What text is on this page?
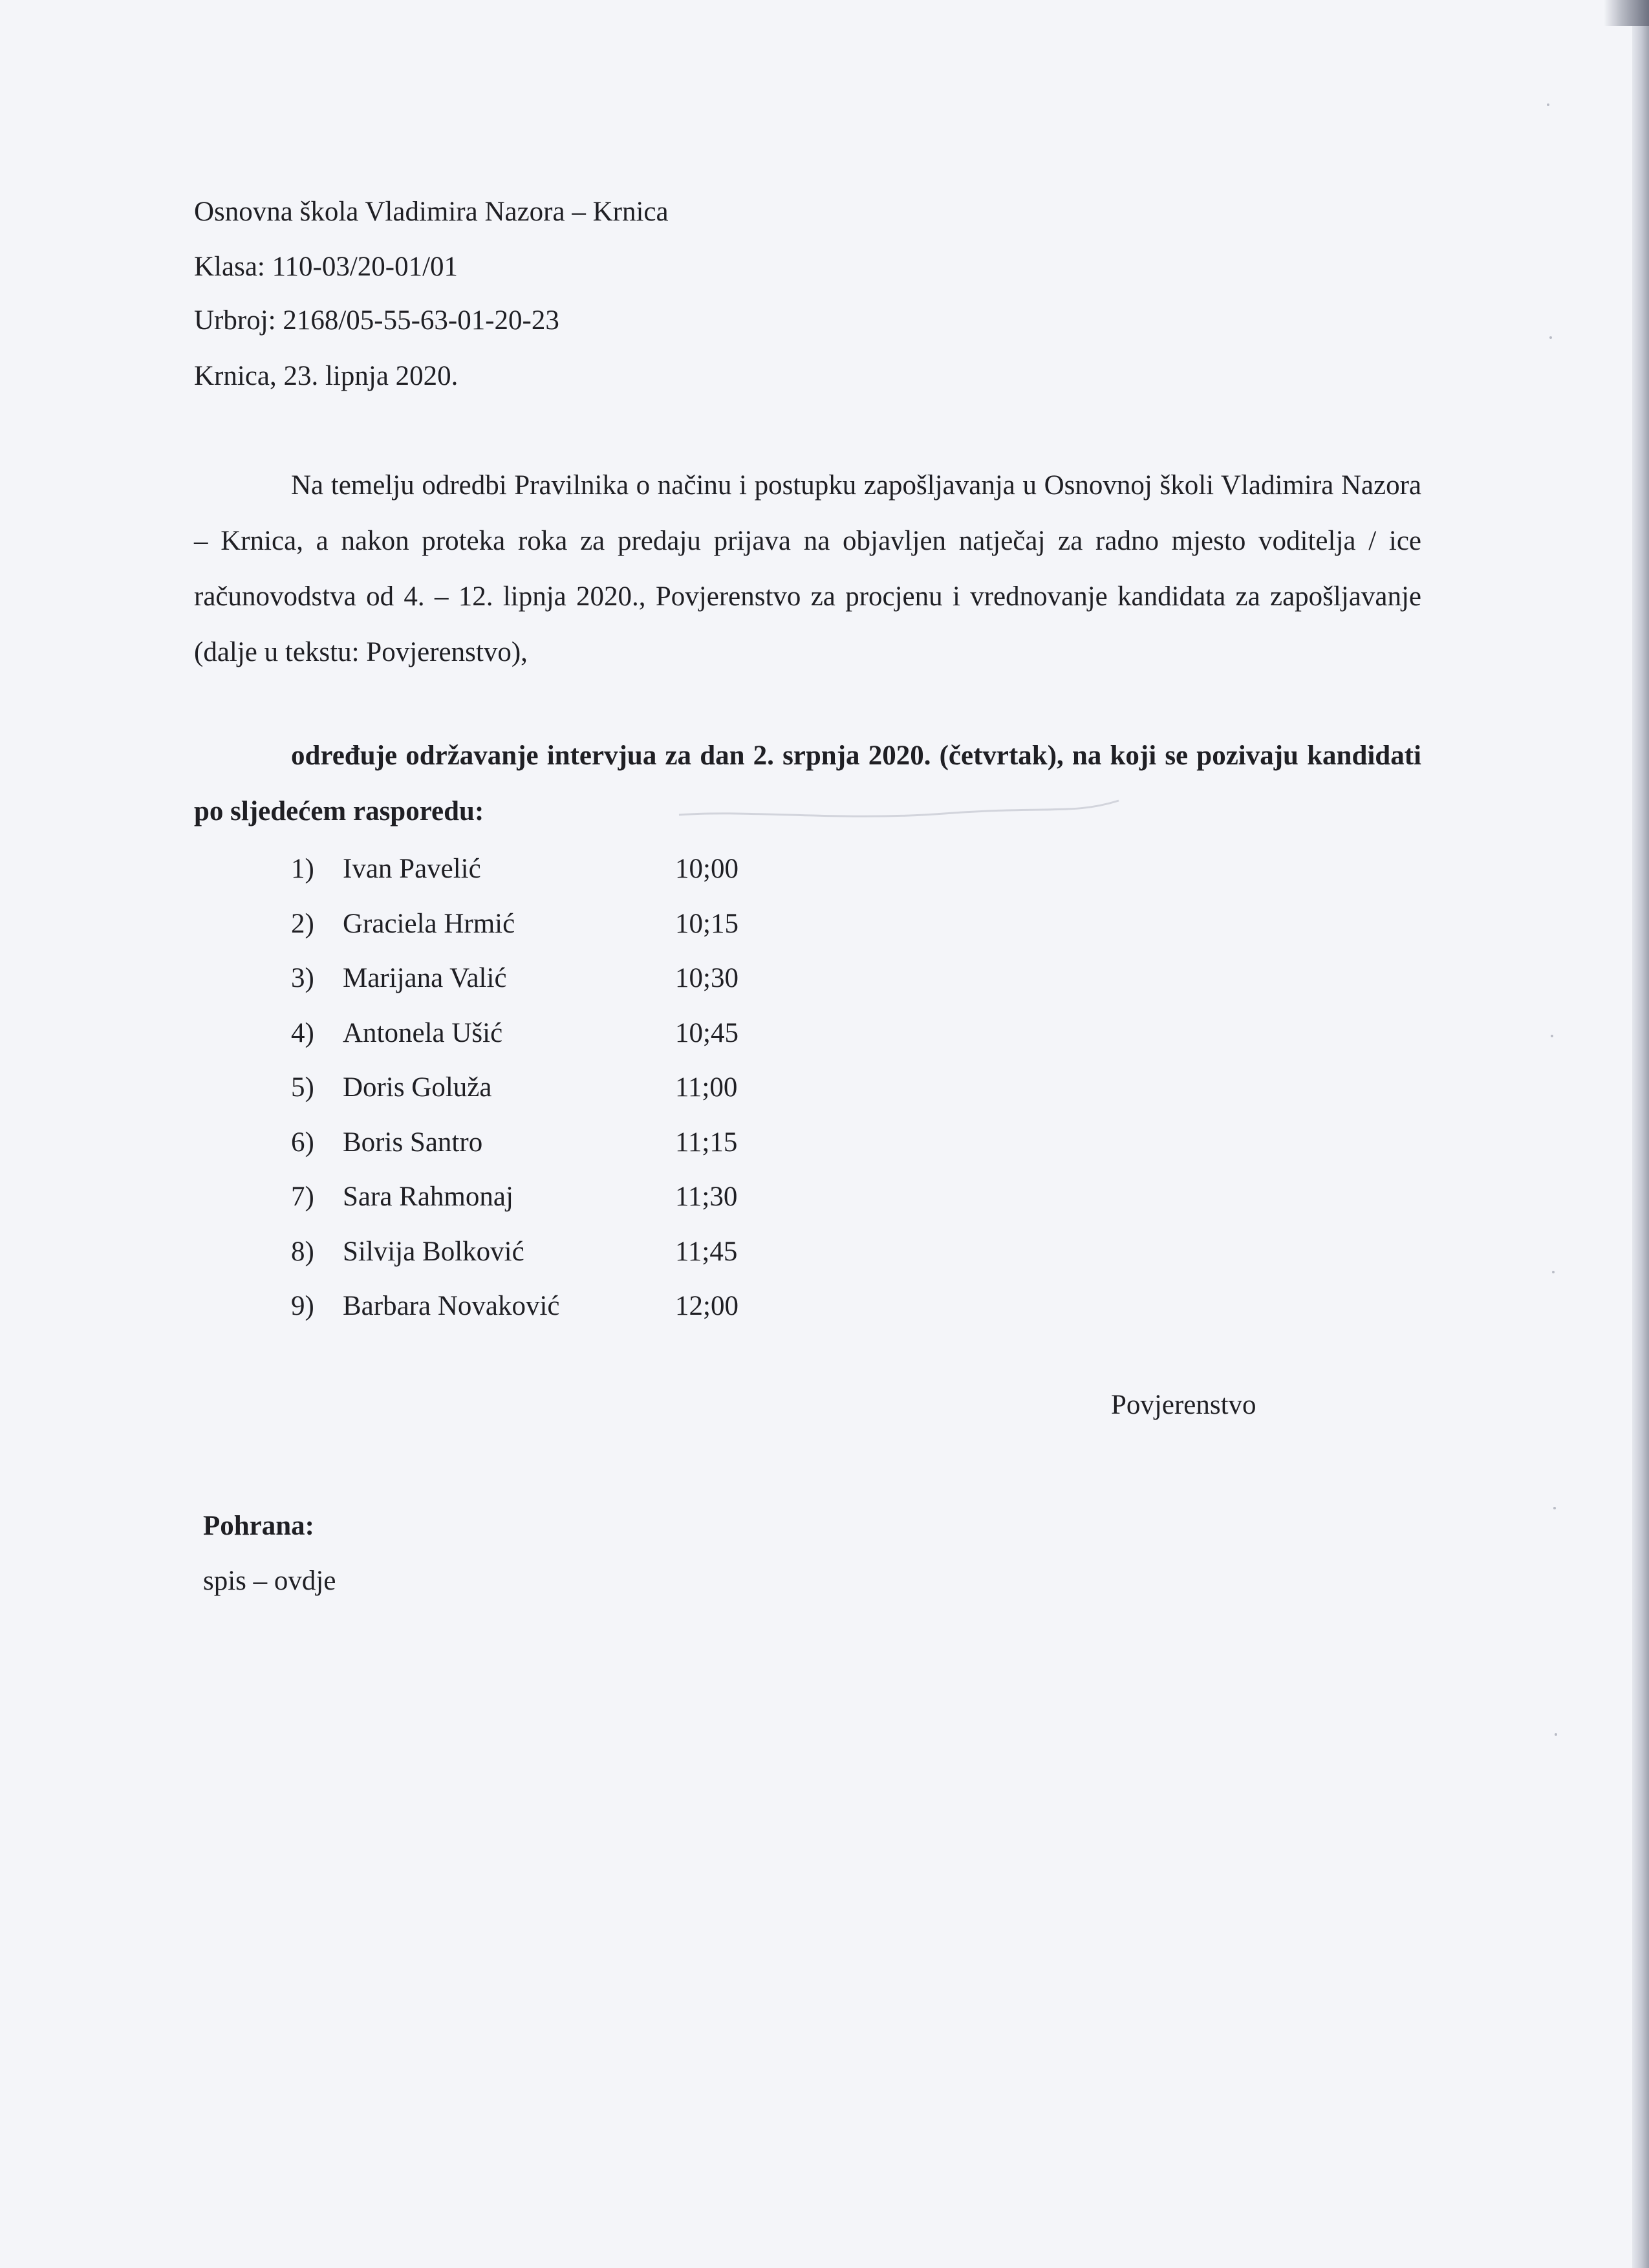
Osnovna škola Vladimira Nazora – Krnica
Klasa: 110-03/20-01/01
Urbroj: 2168/05-55-63-01-20-23
Krnica, 23. lipnja 2020.

Na temelju odredbi Pravilnika o načinu i postupku zapošljavanja u Osnovnoj školi Vladimira Nazora – Krnica, a nakon proteka roka za predaju prijava na objavljen natječaj za radno mjesto voditelja / ice računovodstva od 4. – 12. lipnja 2020., Povjerenstvo za procjenu i vrednovanje kandidata za zapošljavanje (dalje u tekstu: Povjerenstvo),

određuje održavanje intervjua za dan 2. srpnja 2020. (četvrtak), na koji se pozivaju kandidati po sljedećem rasporedu:

1) Ivan Pavelić	10;00
2) Graciela Hrmić	10;15
3) Marijana Valić	10;30
4) Antonela Ušić	10;45
5) Doris Goluža	11;00
6) Boris Santro	11;15
7) Sara Rahmonaj	11;30
8) Silvija Bolković	11;45
9) Barbara Novaković	12;00
Povjerenstvo
Pohrana:
spis – ovdje
